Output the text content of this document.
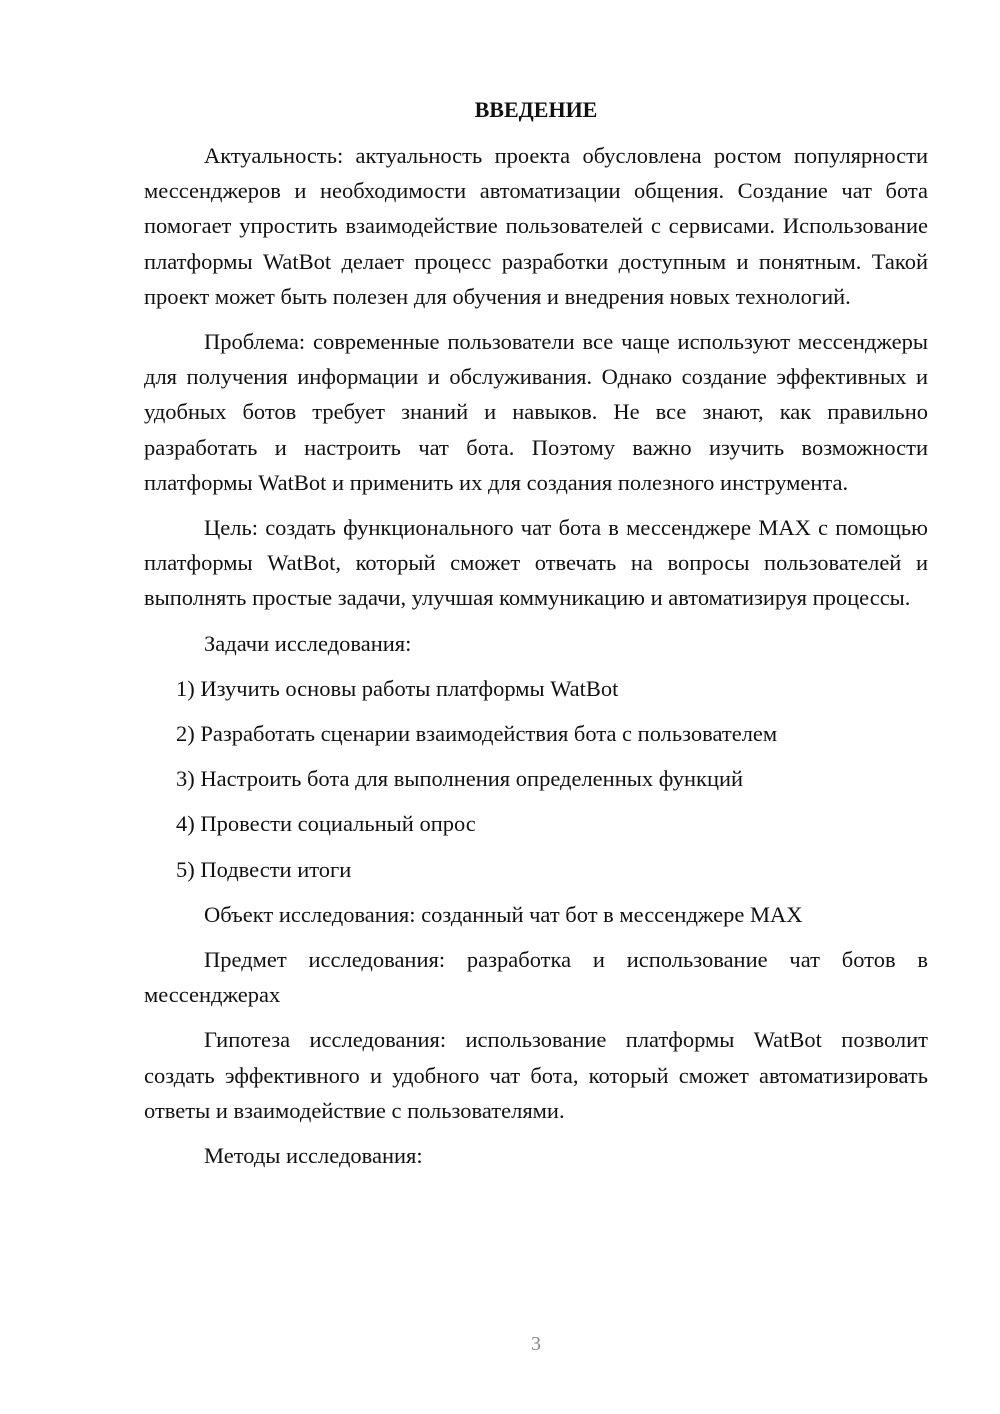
ВВЕДЕНИЕ

Актуальность: актуальность проекта обусловлена ростом популярности мессенджеров и необходимости автоматизации общения. Создание чат бота помогает упростить взаимодействие пользователей с сервисами. Использование платформы WatBot делает процесс разработки доступным и понятным. Такой проект может быть полезен для обучения и внедрения новых технологий.

Проблема: современные пользователи все чаще используют мессенджеры для получения информации и обслуживания. Однако создание эффективных и удобных ботов требует знаний и навыков. Не все знают, как правильно разработать и настроить чат бота. Поэтому важно изучить возможности платформы WatBot и применить их для создания полезного инструмента.

Цель: создать функционального чат бота в мессенджере MAX с помощью платформы WatBot, который сможет отвечать на вопросы пользователей и выполнять простые задачи, улучшая коммуникацию и автоматизируя процессы.

Задачи исследования:

1) Изучить основы работы платформы WatBot
2) Разработать сценарии взаимодействия бота с пользователем
3) Настроить бота для выполнения определенных функций
4) Провести социальный опрос
5) Подвести итоги

Объект исследования: созданный чат бот в мессенджере MAX

Предмет исследования: разработка и использование чат ботов в мессенджерах

Гипотеза исследования: использование платформы WatBot позволит создать эффективного и удобного чат бота, который сможет автоматизировать ответы и взаимодействие с пользователями.

Методы исследования:

3
